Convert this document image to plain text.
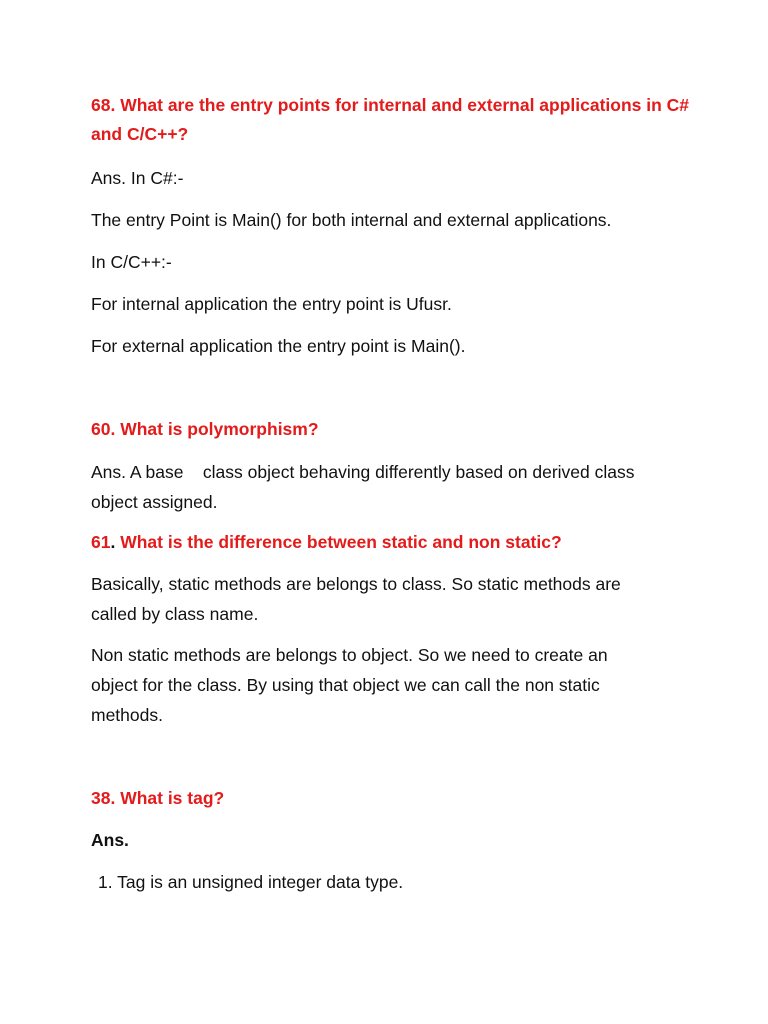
68. What are the entry points for internal and external applications in C# and C/C++?

Ans. In C#:-

The entry Point is Main() for both internal and external applications.

In C/C++:-

For internal application the entry point is Ufusr.

For external application the entry point is Main().

60. What is polymorphism?

Ans. A base    class object behaving differently based on derived class object assigned.

61. What is the difference between static and non static?

Basically, static methods are belongs to class. So static methods are called by class name.

Non static methods are belongs to object. So we need to create an object for the class. By using that object we can call the non static methods.

38. What is tag?

Ans.

1. Tag is an unsigned integer data type.
